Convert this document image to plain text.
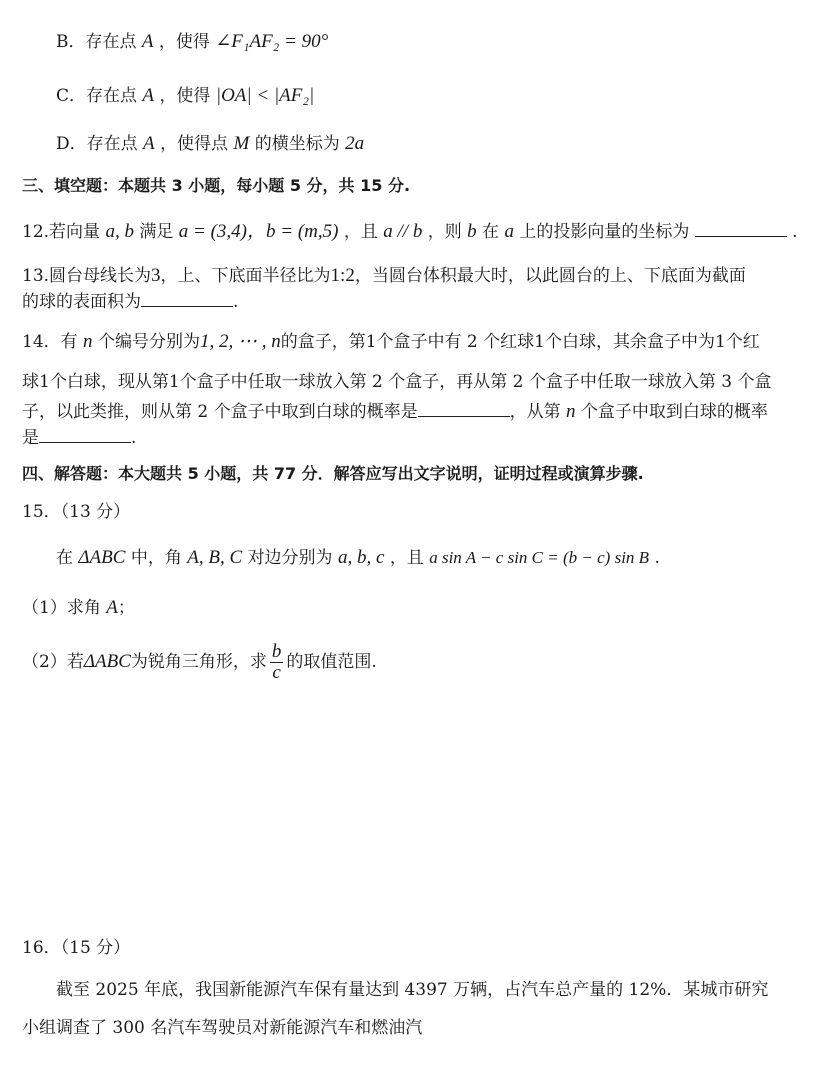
B．存在点 A ，使得 ∠F₁AF₂ = 90°
C．存在点 A ，使得 |OA| < |AF₂|
D．存在点 A ，使得点 M 的横坐标为 2a
三、填空题：本题共 3 小题，每小题 5 分，共 15 分.
12.若向量 a, b 满足 a = (3,4)，b = (m,5) ，且 a // b ，则 b 在 a 上的投影向量的坐标为	.
13.圆台母线长为3，上、下底面半径比为1:2，当圆台体积最大时，以此圆台的上、下底面为截面
的球的表面积为	.
14．有 n 个编号分别为1, 2, ⋯ , n的盒子，第1个盒子中有 2 个红球1个白球，其余盒子中为1个红
球1个白球，现从第1个盒子中任取一球放入第 2 个盒子，再从第 2 个盒子中任取一球放入第 3 个盒
子，以此类推，则从第 2 个盒子中取到白球的概率是	，从第 n 个盒子中取到白球的概率
是	.
四、解答题：本大题共 5 小题，共 77 分．解答应写出文字说明，证明过程或演算步骤.
15．（13 分）
在 ΔABC 中，角 A, B, C 对边分别为 a, b, c ，且 a sin A − c sin C = (b − c) sin B .
（1）求角 A；
（2）若ΔABC为锐角三角形，求 $\frac{b}{c}$ 的取值范围.
16．（15 分）
截至 2025 年底，我国新能源汽车保有量达到 4397 万辆，占汽车总产量的 12%．某城市研究
小组调查了 300 名汽车驾驶员对新能源汽车和燃油汽
